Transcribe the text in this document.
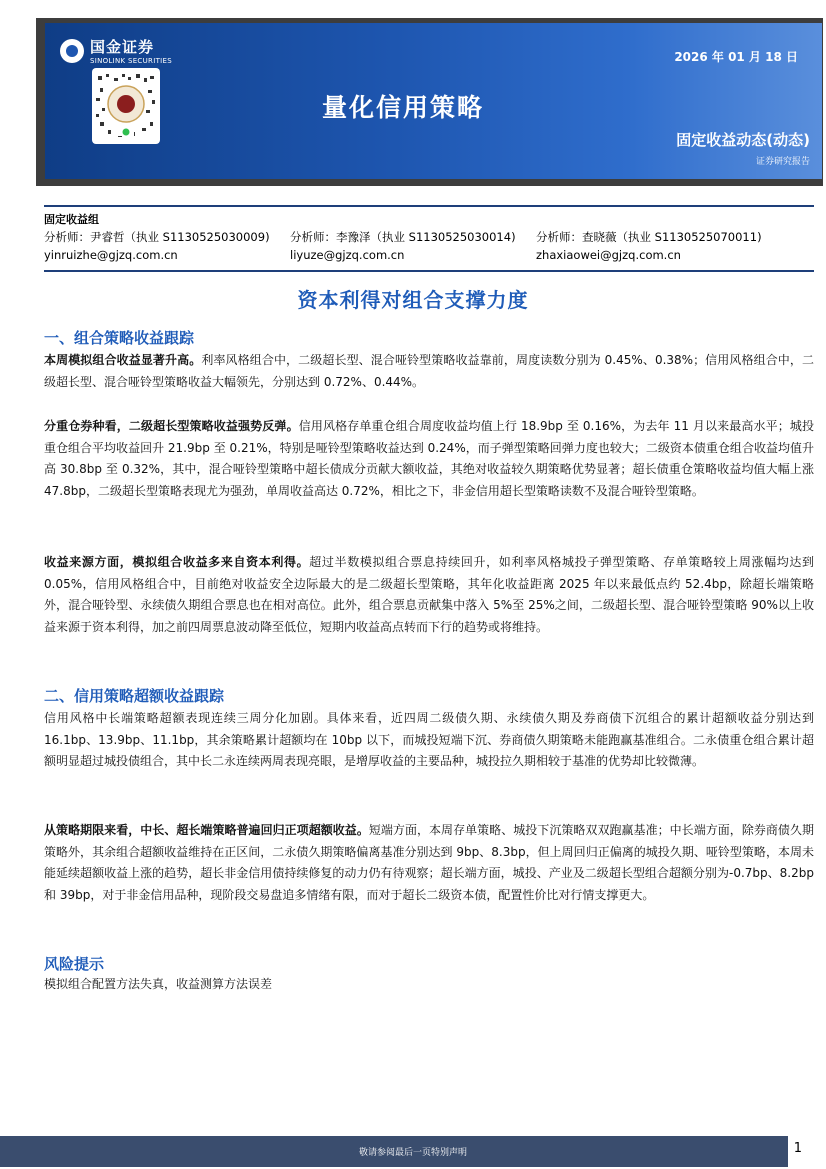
国金证券
SINOLINK SECURITIES	2026 年 01 月 18 日
量化信用策略
固定收益动态(动态)
证券研究报告
固定收益组
分析师：尹睿哲（执业 S1130525030009)
yinruizhe@gjzq.com.cn
分析师：李豫泽（执业 S1130525030014)
liyuze@gjzq.com.cn
分析师：查晓薇（执业 S1130525070011)
zhaxiaowei@gjzq.com.cn
资本利得对组合支撑力度
一、组合策略收益跟踪
本周模拟组合收益显著升高。利率风格组合中，二级超长型、混合哑铃型策略收益靠前，周度读数分别为 0.45%、0.38%；信用风格组合中，二级超长型、混合哑铃型策略收益大幅领先，分别达到 0.72%、0.44%。
分重仓券种看，二级超长型策略收益强势反弹。信用风格存单重仓组合周度收益均值上行 18.9bp 至 0.16%，为去年 11 月以来最高水平；城投重仓组合平均收益回升 21.9bp 至 0.21%，特别是哑铃型策略收益达到 0.24%，而子弹型策略回弹力度也较大；二级资本债重仓组合收益均值升高 30.8bp 至 0.32%，其中，混合哑铃型策略中超长债成分贡献大额收益，其绝对收益较久期策略优势显著；超长债重仓策略收益均值大幅上涨 47.8bp，二级超长型策略表现尤为强劲，单周收益高达 0.72%，相比之下，非金信用超长型策略读数不及混合哑铃型策略。
收益来源方面，模拟组合收益多来自资本利得。超过半数模拟组合票息持续回升，如利率风格城投子弹型策略、存单策略较上周涨幅均达到 0.05%，信用风格组合中，目前绝对收益安全边际最大的是二级超长型策略，其年化收益距离 2025 年以来最低点约 52.4bp，除超长端策略外，混合哑铃型、永续债久期组合票息也在相对高位。此外，组合票息贡献集中落入 5%至 25%之间，二级超长型、混合哑铃型策略 90%以上收益来源于资本利得，加之前四周票息波动降至低位，短期内收益高点转而下行的趋势或将维持。
二、信用策略超额收益跟踪
信用风格中长端策略超额表现连续三周分化加剧。具体来看，近四周二级债久期、永续债久期及券商债下沉组合的累计超额收益分别达到 16.1bp、13.9bp、11.1bp，其余策略累计超额均在 10bp 以下，而城投短端下沉、券商债久期策略未能跑赢基准组合。二永债重仓组合累计超额明显超过城投债组合，其中长二永连续两周表现亮眼，是增厚收益的主要品种，城投拉久期相较于基准的优势却比较微薄。
从策略期限来看，中长、超长端策略普遍回归正项超额收益。短端方面，本周存单策略、城投下沉策略双双跑赢基准；中长端方面，除券商债久期策略外，其余组合超额收益维持在正区间，二永债久期策略偏离基准分别达到 9bp、8.3bp，但上周回归正偏离的城投久期、哑铃型策略，本周未能延续超额收益上涨的趋势，超长非金信用债持续修复的动力仍有待观察；超长端方面，城投、产业及二级超长型组合超额分别为-0.7bp、8.2bp 和 39bp，对于非金信用品种，现阶段交易盘追多情绪有限，而对于超长二级资本债，配置性价比对行情支撑更大。
风险提示
模拟组合配置方法失真，收益测算方法误差
敬请参阅最后一页特别声明	1
